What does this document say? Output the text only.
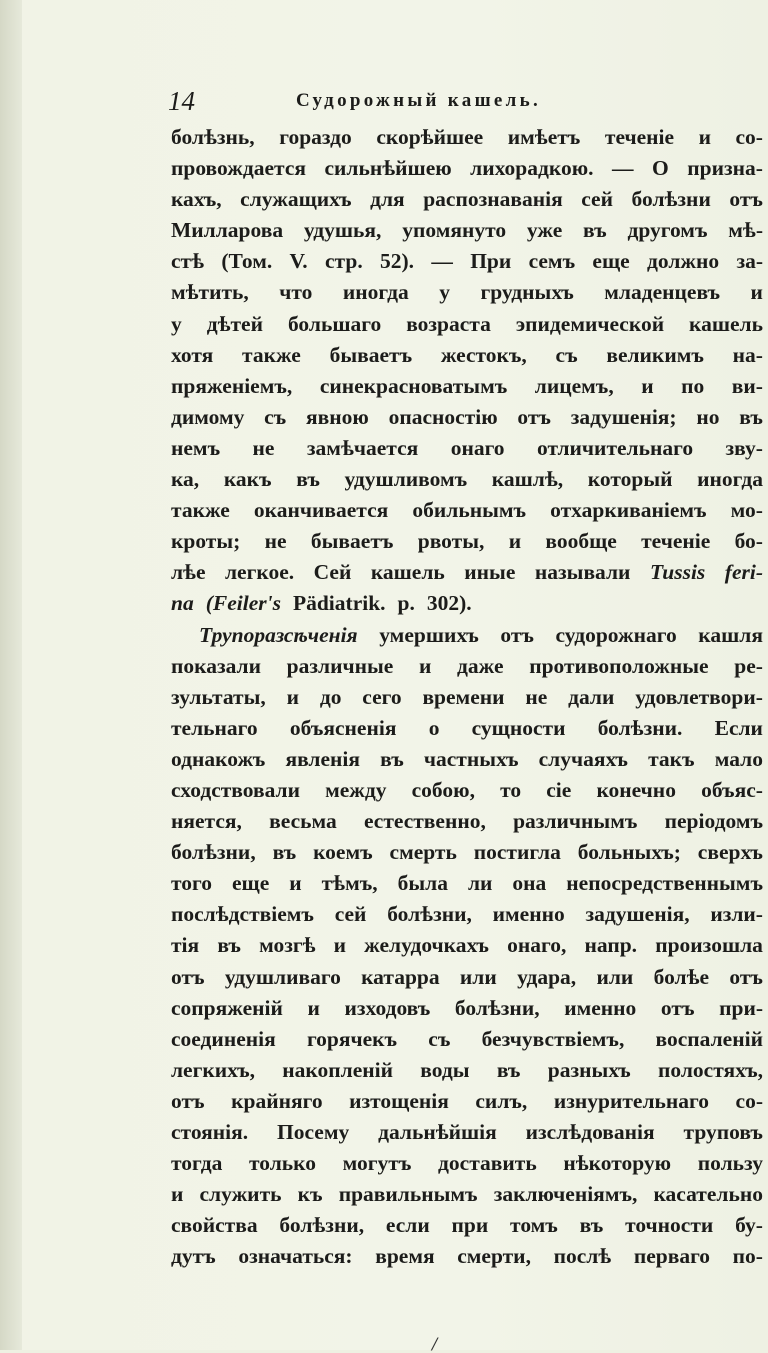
14	Судорожный кашель.
болѣзнь, гораздо скорѣйшее имѣетъ теченіе и со-
провождается сильнѣйшею лихорадкою. — О призна-
кахъ, служащихъ для распознаванія сей болѣзни отъ
Милларова удушья, упомянуто уже въ другомъ мѣ-
стѣ (Том. V. стр. 52). — При семъ еще должно за-
мѣтить, что иногда у грудныхъ младенцевъ и
у дѣтей большаго возраста эпидемической кашель
хотя также бываетъ жестокъ, съ великимъ на-
пряженіемъ, синекрасноватымъ лицемъ, и по ви-
димому съ явною опасностію отъ задушенія; но въ
немъ не замѣчается онаго отличительнаго зву-
ка, какъ въ удушливомъ кашлѣ, который иногда
также оканчивается обильнымъ отхаркиваніемъ мо-
кроты; не бываетъ рвоты, и вообще теченіе бо-
лѣе легкое. Сей кашель иные называли Tussis feri-
na (Feiler's Pädiatrik. p. 302).
Трупоразсѣченія умершихъ отъ судорожнаго кашля
показали различные и даже противоположные ре-
зультаты, и до сего времени не дали удовлетвори-
тельнаго объясненія о сущности болѣзни. Если
однакожъ явленія въ частныхъ случаяхъ такъ мало
сходствовали между собою, то сіе конечно объяс-
няется, весьма естественно, различнымъ періодомъ
болѣзни, въ коемъ смерть постигла больныхъ; сверхъ
того еще и тѣмъ, была ли она непосредственнымъ
послѣдствіемъ сей болѣзни, именно задушенія, изли-
тія въ мозгѣ и желудочкахъ онаго, напр. произошла
отъ удушливаго катарра или удара, или болѣе отъ
сопряженій и изходовъ болѣзни, именно отъ при-
соединенія горячекъ съ безчувствіемъ, воспаленій
легкихъ, накопленій воды въ разныхъ полостяхъ,
отъ крайняго изтощенія силъ, изнурительнаго со-
стоянія. Посему дальнѣйшія изслѣдованія труповъ
тогда только могутъ доставить нѣкоторую пользу
и служить къ правильнымъ заключеніямъ, касательно
свойства болѣзни, если при томъ въ точности бу-
дутъ означаться: время смерти, послѣ перваго по-
/
